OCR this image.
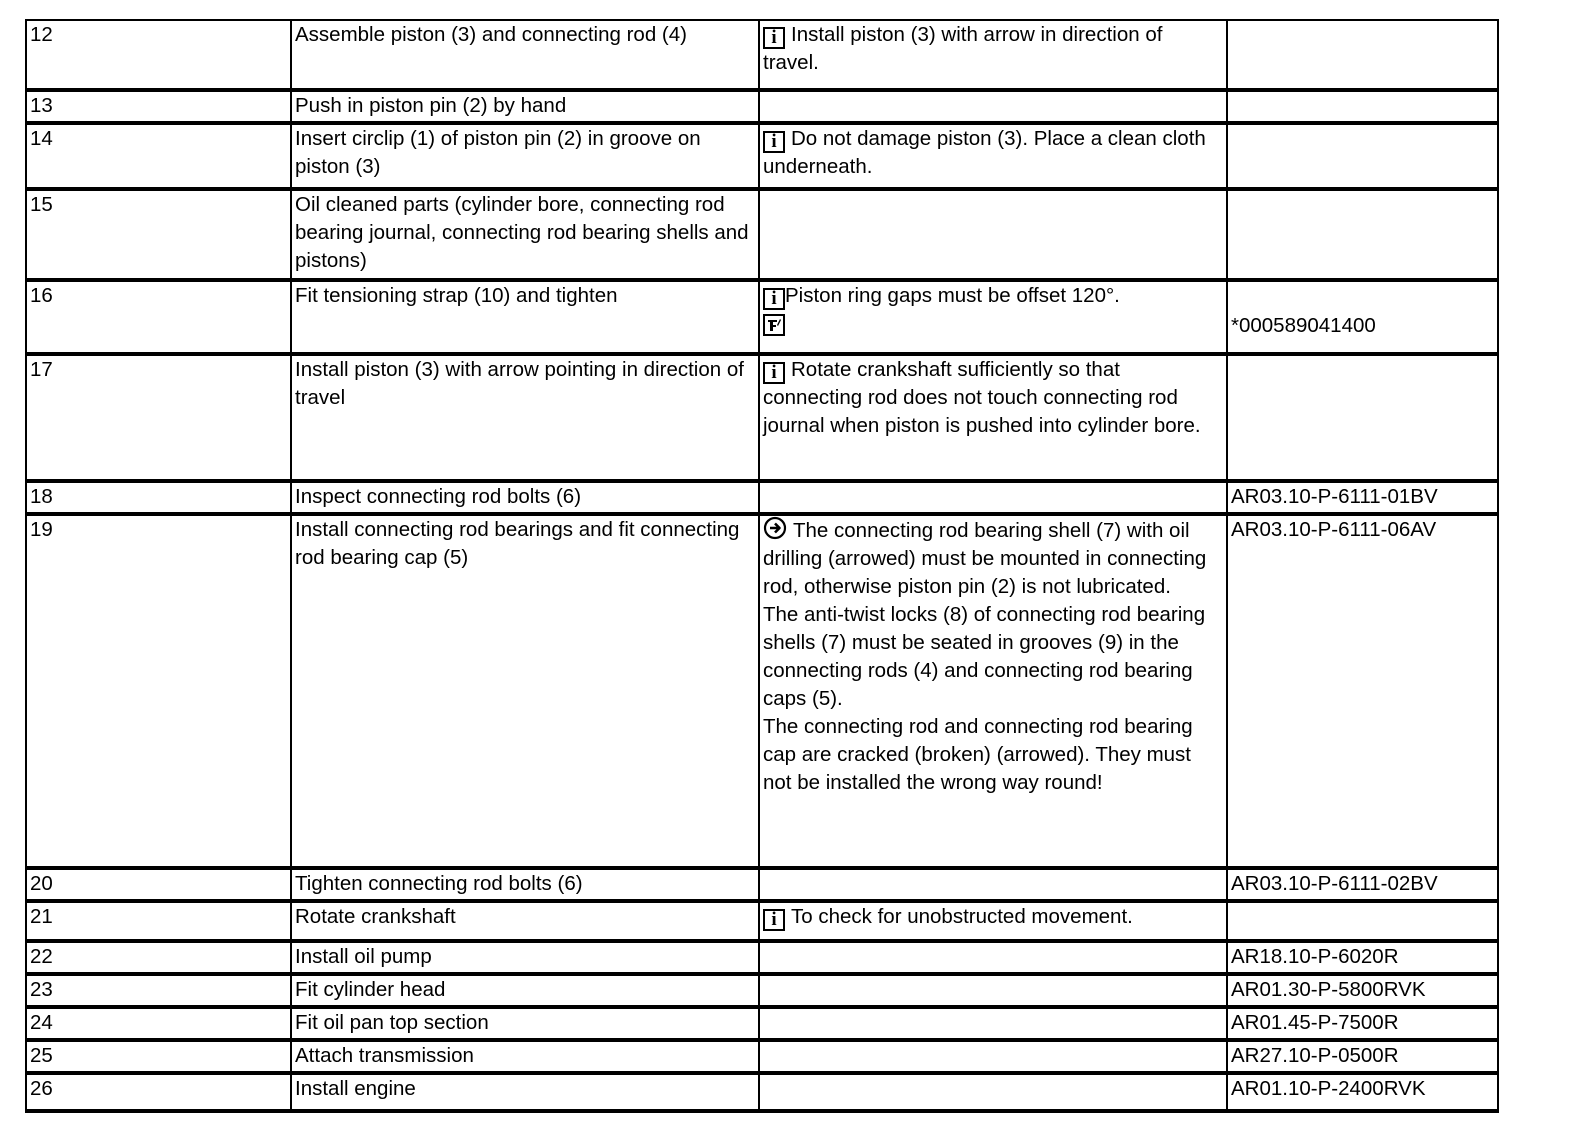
12	Assemble piston (3) and connecting rod (4)	i Install piston (3) with arrow in direction of travel.	
13	Push in piston pin (2) by hand		
14	Insert circlip (1) of piston pin (2) in groove on piston (3)	i Do not damage piston (3). Place a clean cloth underneath.	
15	Oil cleaned parts (cylinder bore, connecting rod bearing journal, connecting rod bearing shells and pistons)		
16	Fit tensioning strap (10) and tighten	i Piston ring gaps must be offset 120°.	*000589041400
17	Install piston (3) with arrow pointing in direction of travel	i Rotate crankshaft sufficiently so that connecting rod does not touch connecting rod journal when piston is pushed into cylinder bore.	
18	Inspect connecting rod bolts (6)		AR03.10-P-6111-01BV
19	Install connecting rod bearings and fit connecting rod bearing cap (5)	The connecting rod bearing shell (7) with oil drilling (arrowed) must be mounted in connecting rod, otherwise piston pin (2) is not lubricated.
The anti-twist locks (8) of connecting rod bearing shells (7) must be seated in grooves (9) in the connecting rods (4) and connecting rod bearing caps (5).
The connecting rod and connecting rod bearing cap are cracked (broken) (arrowed). They must not be installed the wrong way round!	AR03.10-P-6111-06AV
20	Tighten connecting rod bolts (6)		AR03.10-P-6111-02BV
21	Rotate crankshaft	i To check for unobstructed movement.	
22	Install oil pump		AR18.10-P-6020R
23	Fit cylinder head		AR01.30-P-5800RVK
24	Fit oil pan top section		AR01.45-P-7500R
25	Attach transmission		AR27.10-P-0500R
26	Install engine		AR01.10-P-2400RVK
